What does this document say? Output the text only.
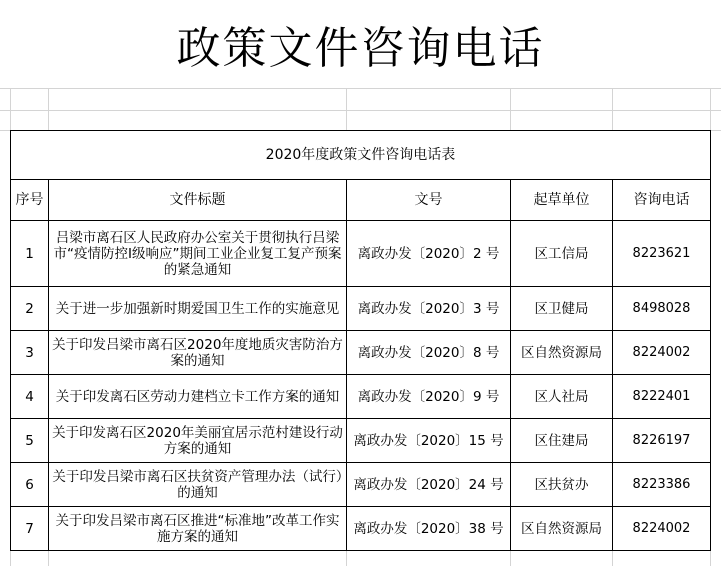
政策文件咨询电话
2020年度政策文件咨询电话表				
序号	文件标题	文号	起草单位	咨询电话
1	吕梁市离石区人民政府办公室关于贯彻执行吕梁市“疫情防控I级响应”期间工业企业复工复产预案的紧急通知	离政办发〔2020〕2 号	区工信局	8223621
2	关于进一步加强新时期爱国卫生工作的实施意见	离政办发〔2020〕3 号	区卫健局	8498028
3	关于印发吕梁市离石区2020年度地质灾害防治方案的通知	离政办发〔2020〕8 号	区自然资源局	8224002
4	关于印发离石区劳动力建档立卡工作方案的通知	离政办发〔2020〕9 号	区人社局	8222401
5	关于印发离石区2020年美丽宜居示范村建设行动方案的通知	离政办发〔2020〕15 号	区住建局	8226197
6	关于印发吕梁市离石区扶贫资产管理办法（试行）的通知	离政办发〔2020〕24 号	区扶贫办	8223386
7	关于印发吕梁市离石区推进“标准地”改革工作实施方案的通知	离政办发〔2020〕38 号	区自然资源局	8224002
